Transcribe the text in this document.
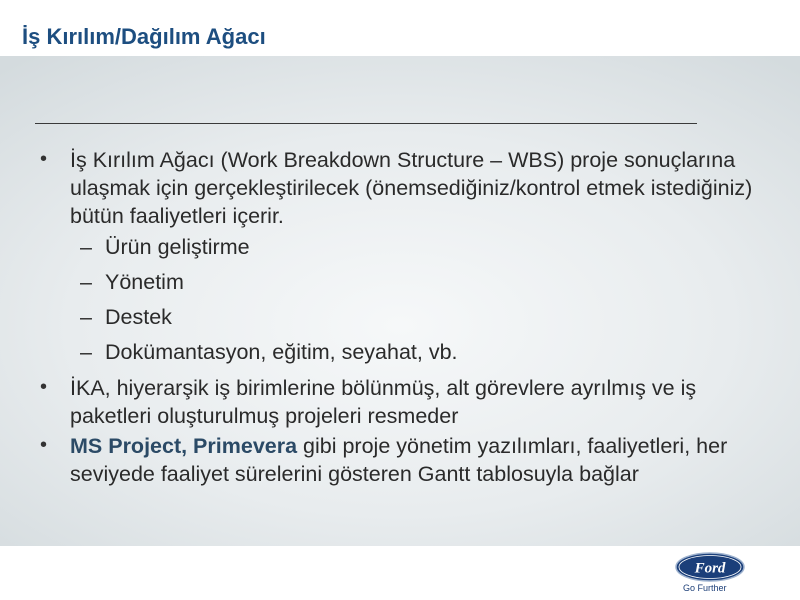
İş Kırılım/Dağılım Ağacı

• İş Kırılım Ağacı (Work Breakdown Structure – WBS) proje sonuçlarına ulaşmak için gerçekleştirilecek (önemsediğiniz/kontrol etmek istediğiniz) bütün faaliyetleri içerir.

– Ürün geliştirme

– Yönetim

– Destek

– Dokümantasyon, eğitim, seyahat, vb.

• İKA, hiyerarşik iş birimlerine bölünmüş, alt görevlere ayrılmış ve iş paketleri oluşturulmuş projeleri resmeder

• MS Project, Primevera gibi proje yönetim yazılımları, faaliyetleri, her seviyede faaliyet sürelerini gösteren Gantt tablosuyla bağlar

Ford
Go Further
